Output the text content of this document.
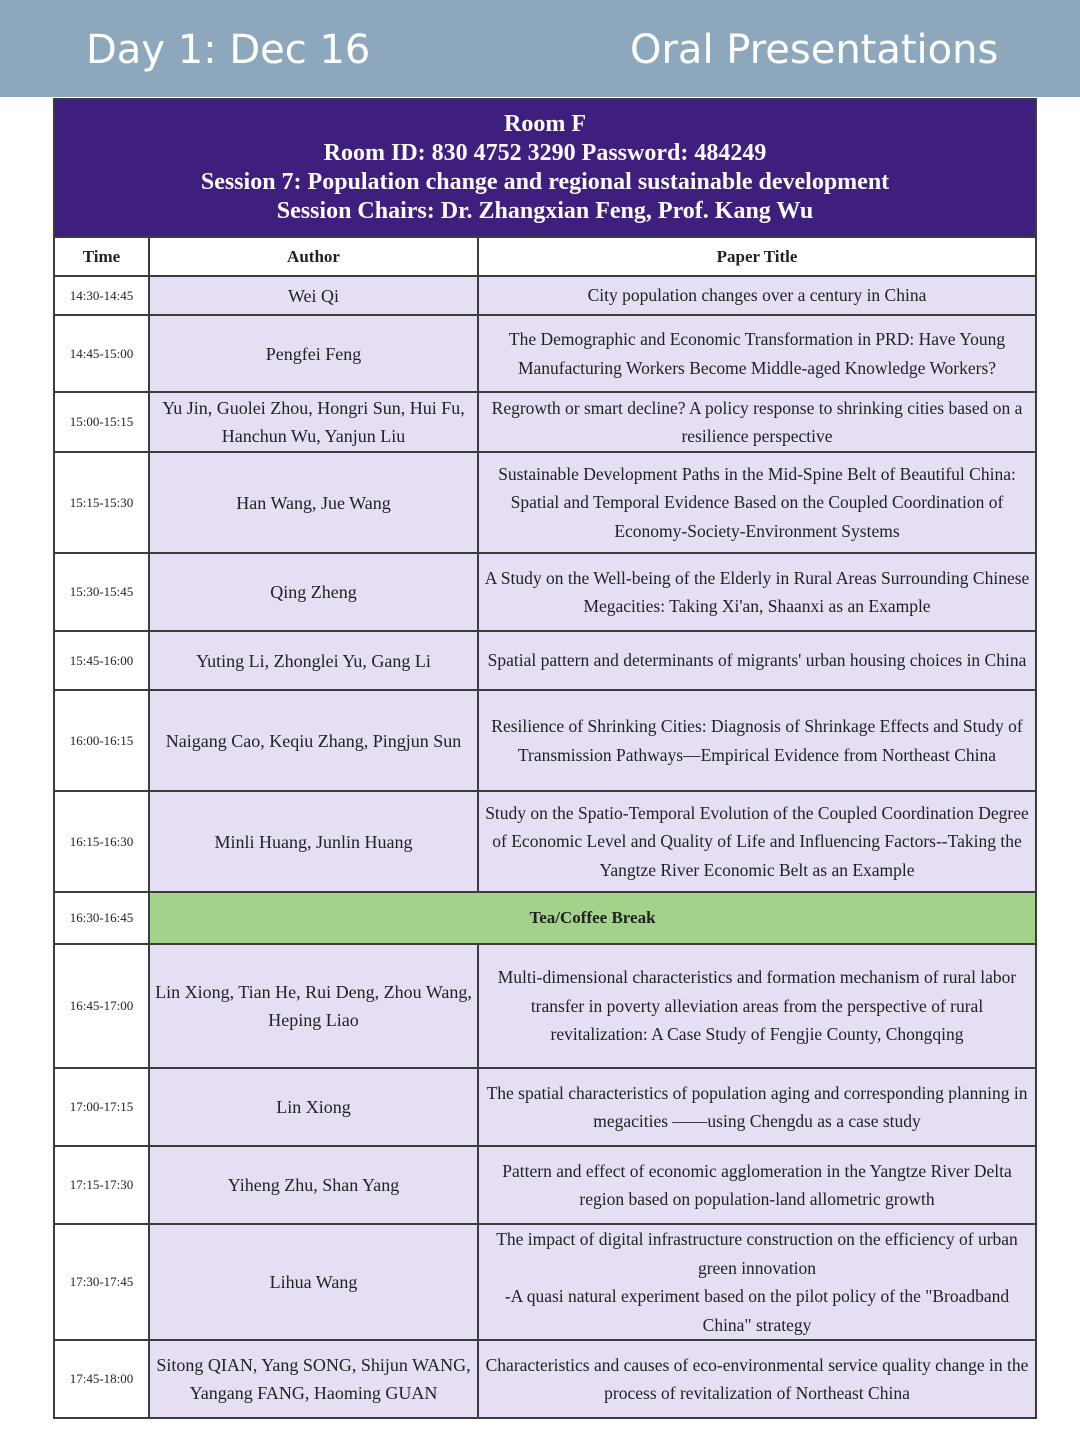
Day 1: Dec 16	Oral Presentations
Room F
Room ID: 830 4752 3290 Password: 484249
Session 7: Population change and regional sustainable development
Session Chairs: Dr. Zhangxian Feng, Prof. Kang Wu		

Time	Author	Paper Title
14:30-14:45	Wei Qi	City population changes over a century in China
14:45-15:00	Pengfei Feng	The Demographic and Economic Transformation in PRD: Have Young Manufacturing Workers Become Middle-aged Knowledge Workers?
15:00-15:15	Yu Jin, Guolei Zhou, Hongri Sun, Hui Fu, Hanchun Wu, Yanjun Liu	Regrowth or smart decline? A policy response to shrinking cities based on a resilience perspective
15:15-15:30	Han Wang, Jue Wang	Sustainable Development Paths in the Mid-Spine Belt of Beautiful China: Spatial and Temporal Evidence Based on the Coupled Coordination of Economy-Society-Environment Systems
15:30-15:45	Qing Zheng	A Study on the Well-being of the Elderly in Rural Areas Surrounding Chinese Megacities: Taking Xi'an, Shaanxi as an Example
15:45-16:00	Yuting Li, Zhonglei Yu, Gang Li	Spatial pattern and determinants of migrants' urban housing choices in China
16:00-16:15	Naigang Cao, Keqiu Zhang, Pingjun Sun	Resilience of Shrinking Cities: Diagnosis of Shrinkage Effects and Study of Transmission Pathways—Empirical Evidence from Northeast China
16:15-16:30	Minli Huang, Junlin Huang	Study on the Spatio-Temporal Evolution of the Coupled Coordination Degree of Economic Level and Quality of Life and Influencing Factors--Taking the Yangtze River Economic Belt as an Example
16:30-16:45	Tea/Coffee Break	
16:45-17:00	Lin Xiong, Tian He, Rui Deng, Zhou Wang, Heping Liao	Multi-dimensional characteristics and formation mechanism of rural labor transfer in poverty alleviation areas from the perspective of rural revitalization: A Case Study of Fengjie County, Chongqing
17:00-17:15	Lin Xiong	The spatial characteristics of population aging and corresponding planning in megacities ——using Chengdu as a case study
17:15-17:30	Yiheng Zhu, Shan Yang	Pattern and effect of economic agglomeration in the Yangtze River Delta region based on population-land allometric growth
17:30-17:45	Lihua Wang	The impact of digital infrastructure construction on the efficiency of urban green innovation
-A quasi natural experiment based on the pilot policy of the "Broadband China" strategy

17:45-18:00	Sitong QIAN, Yang SONG, Shijun WANG, Yangang FANG, Haoming GUAN	Characteristics and causes of eco-environmental service quality change in the process of revitalization of Northeast China
